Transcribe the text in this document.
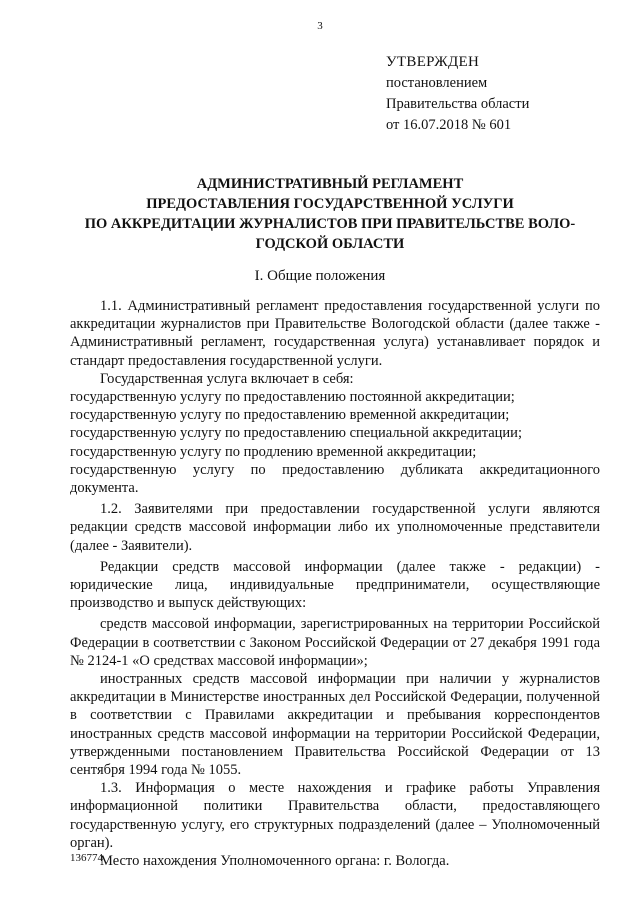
3
УТВЕРЖДЕН
постановлением
Правительства области
от 16.07.2018 № 601
АДМИНИСТРАТИВНЫЙ РЕГЛАМЕНТ
ПРЕДОСТАВЛЕНИЯ ГОСУДАРСТВЕННОЙ УСЛУГИ
ПО АККРЕДИТАЦИИ ЖУРНАЛИСТОВ ПРИ ПРАВИТЕЛЬСТВЕ ВОЛО-
ГОДСКОЙ ОБЛАСТИ
I. Общие положения

1.1. Административный регламент предоставления государственной услуги по аккредитации журналистов при Правительстве Вологодской области (далее также - Административный регламент, государственная услуга) устанавливает порядок и стандарт предоставления государственной услуги.

Государственная услуга включает в себя:

государственную услугу по предоставлению постоянной аккредитации;

государственную услугу по предоставлению временной аккредитации;

государственную услугу по предоставлению специальной аккредитации;

государственную услугу по продлению временной аккредитации;

государственную услугу по предоставлению дубликата аккредитационного документа.

1.2. Заявителями при предоставлении государственной услуги являются редакции средств массовой информации либо их уполномоченные представители (далее - Заявители).

Редакции средств массовой информации (далее также - редакции) - юридические лица, индивидуальные предприниматели, осуществляющие производство и выпуск действующих:

средств массовой информации, зарегистрированных на территории Российской Федерации в соответствии с Законом Российской Федерации от 27 декабря 1991 года № 2124-1 «О средствах массовой информации»;

иностранных средств массовой информации при наличии у журналистов аккредитации в Министерстве иностранных дел Российской Федерации, полученной в соответствии с Правилами аккредитации и пребывания корреспондентов иностранных средств массовой информации на территории Российской Федерации, утвержденными постановлением Правительства Российской Федерации от 13 сентября 1994 года № 1055.

1.3. Информация о месте нахождения и графике работы Управления информационной политики Правительства области, предоставляющего государственную услугу, его структурных подразделений (далее – Уполномоченный орган).

Место нахождения Уполномоченного органа: г. Вологда.

136774
